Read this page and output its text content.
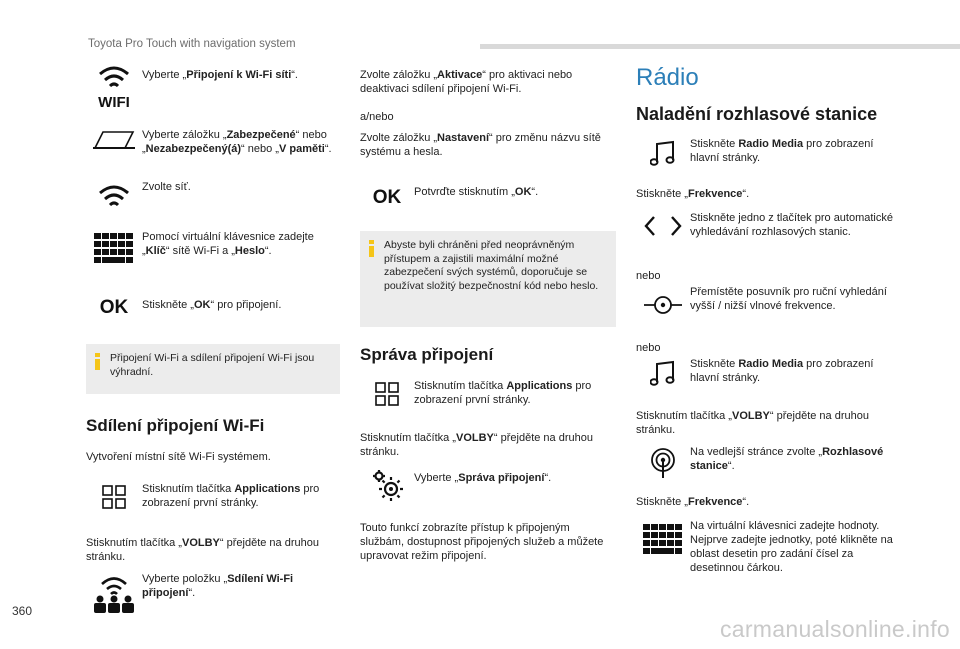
Toyota Pro Touch with navigation system
WIFI
Vyberte „Připojení k Wi-Fi síti“.
Vyberte záložku „Zabezpečené“ nebo „Nezabezpečený(á)“ nebo „V paměti“.
Zvolte síť.
Pomocí virtuální klávesnice zadejte „Klíč“ sítě Wi-Fi a „Heslo“.
OK Stiskněte „OK“ pro připojení.
Připojení Wi-Fi a sdílení připojení Wi-Fi jsou výhradní.
Sdílení připojení Wi-Fi
Vytvoření místní sítě Wi-Fi systémem.
Stisknutím tlačítka Applications pro zobrazení první stránky.
Stisknutím tlačítka „VOLBY“ přejděte na druhou stránku.
Vyberte položku „Sdílení Wi-Fi připojení“.
Zvolte záložku „Aktivace“ pro aktivaci nebo deaktivaci sdílení připojení Wi-Fi.
a/nebo
Zvolte záložku „Nastavení“ pro změnu názvu sítě systému a hesla.
OK Potvrďte stisknutím „OK“.
Abyste byli chráněni před neoprávněným přístupem a zajistili maximální možné zabezpečení svých systémů, doporučuje se používat složitý bezpečnostní kód nebo heslo.
Správa připojení
Stisknutím tlačítka Applications pro zobrazení první stránky.
Stisknutím tlačítka „VOLBY“ přejděte na druhou stránku.
Vyberte „Správa připojení“.
Touto funkcí zobrazíte přístup k připojeným službám, dostupnost připojených služeb a můžete upravovat režim připojení.
Rádio
Naladění rozhlasové stanice
Stiskněte Radio Media pro zobrazení hlavní stránky.
Stiskněte „Frekvence“.
Stiskněte jedno z tlačítek pro automatické vyhledávání rozhlasových stanic.
nebo
Přemístěte posuvník pro ruční vyhledání vyšší / nižší vlnové frekvence.
nebo
Stiskněte Radio Media pro zobrazení hlavní stránky.
Stisknutím tlačítka „VOLBY“ přejděte na druhou stránku.
Na vedlejší stránce zvolte „Rozhlasové stanice“.
Stiskněte „Frekvence“.
Na virtuální klávesnici zadejte hodnoty.
Nejprve zadejte jednotky, poté klikněte na oblast desetin pro zadání čísel za desetinnou čárkou.
360
carmanualsonline.info
